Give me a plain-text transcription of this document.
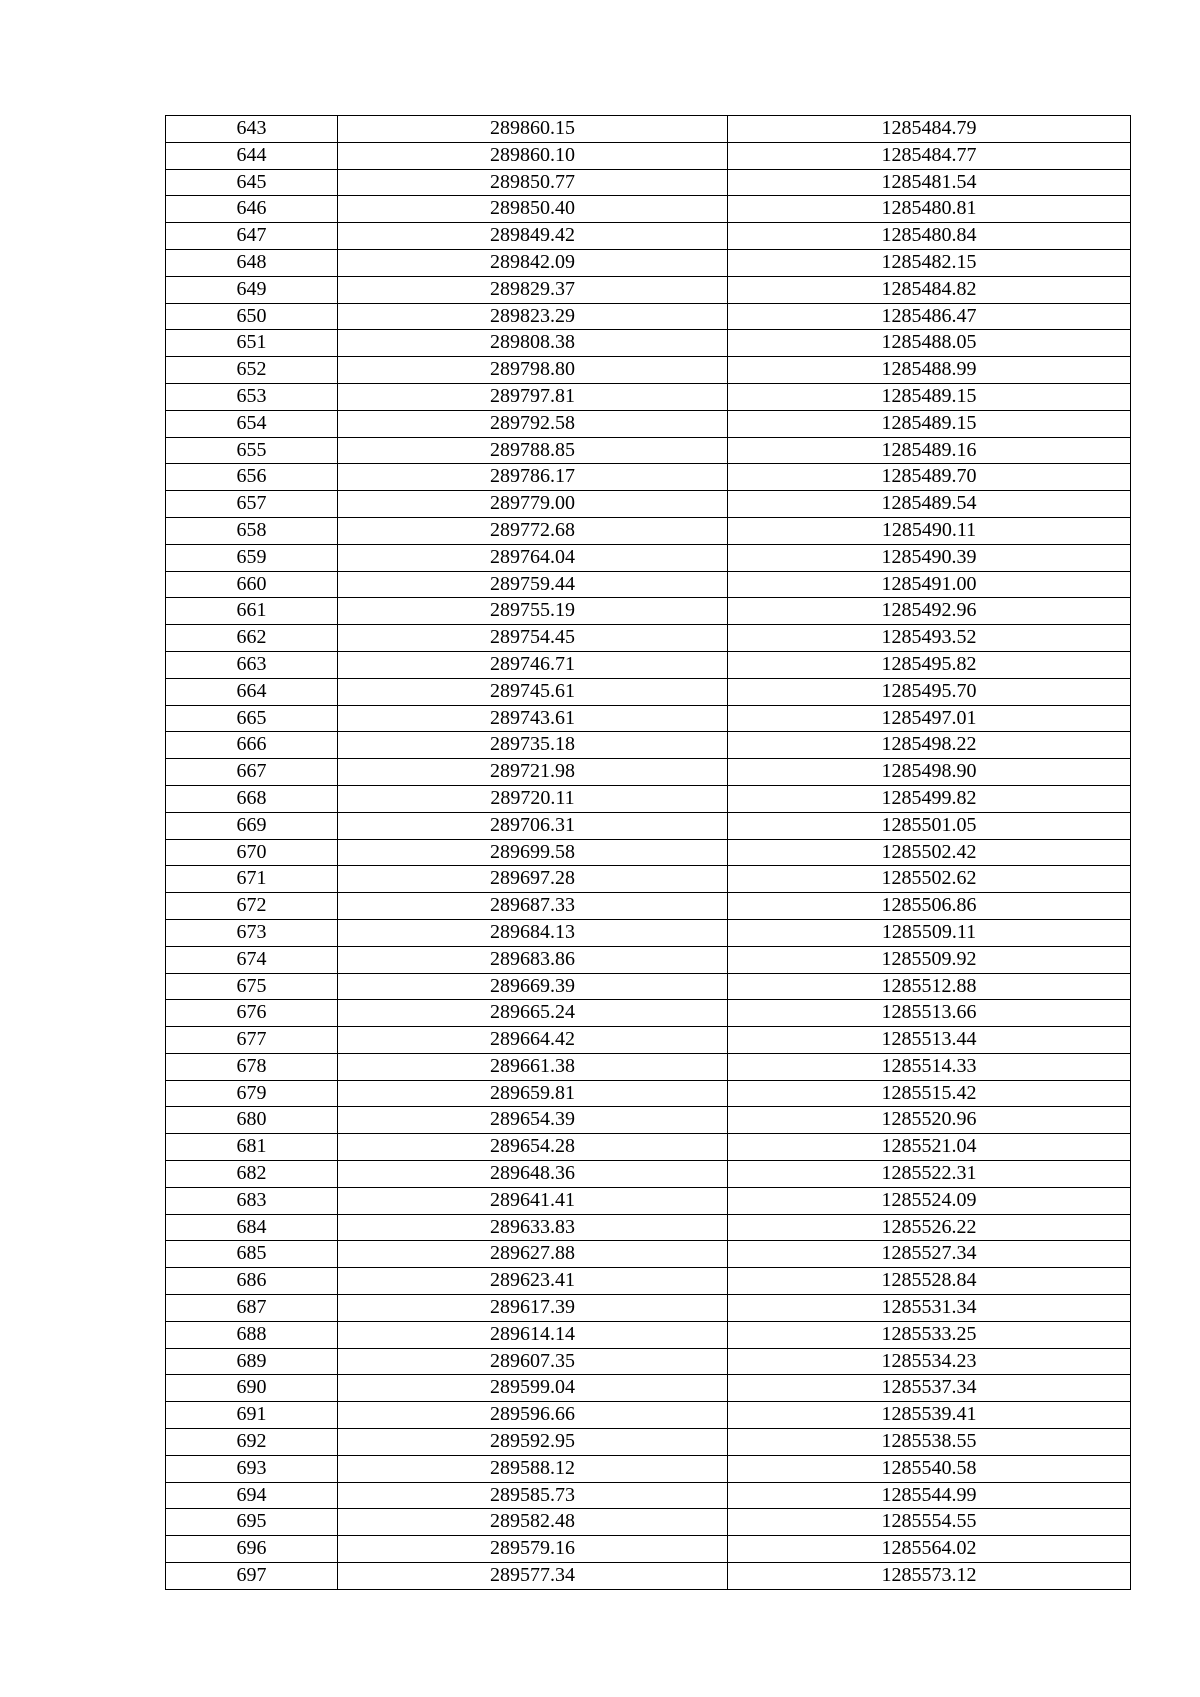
643	289860.15	1285484.79
644	289860.10	1285484.77
645	289850.77	1285481.54
646	289850.40	1285480.81
647	289849.42	1285480.84
648	289842.09	1285482.15
649	289829.37	1285484.82
650	289823.29	1285486.47
651	289808.38	1285488.05
652	289798.80	1285488.99
653	289797.81	1285489.15
654	289792.58	1285489.15
655	289788.85	1285489.16
656	289786.17	1285489.70
657	289779.00	1285489.54
658	289772.68	1285490.11
659	289764.04	1285490.39
660	289759.44	1285491.00
661	289755.19	1285492.96
662	289754.45	1285493.52
663	289746.71	1285495.82
664	289745.61	1285495.70
665	289743.61	1285497.01
666	289735.18	1285498.22
667	289721.98	1285498.90
668	289720.11	1285499.82
669	289706.31	1285501.05
670	289699.58	1285502.42
671	289697.28	1285502.62
672	289687.33	1285506.86
673	289684.13	1285509.11
674	289683.86	1285509.92
675	289669.39	1285512.88
676	289665.24	1285513.66
677	289664.42	1285513.44
678	289661.38	1285514.33
679	289659.81	1285515.42
680	289654.39	1285520.96
681	289654.28	1285521.04
682	289648.36	1285522.31
683	289641.41	1285524.09
684	289633.83	1285526.22
685	289627.88	1285527.34
686	289623.41	1285528.84
687	289617.39	1285531.34
688	289614.14	1285533.25
689	289607.35	1285534.23
690	289599.04	1285537.34
691	289596.66	1285539.41
692	289592.95	1285538.55
693	289588.12	1285540.58
694	289585.73	1285544.99
695	289582.48	1285554.55
696	289579.16	1285564.02
697	289577.34	1285573.12
